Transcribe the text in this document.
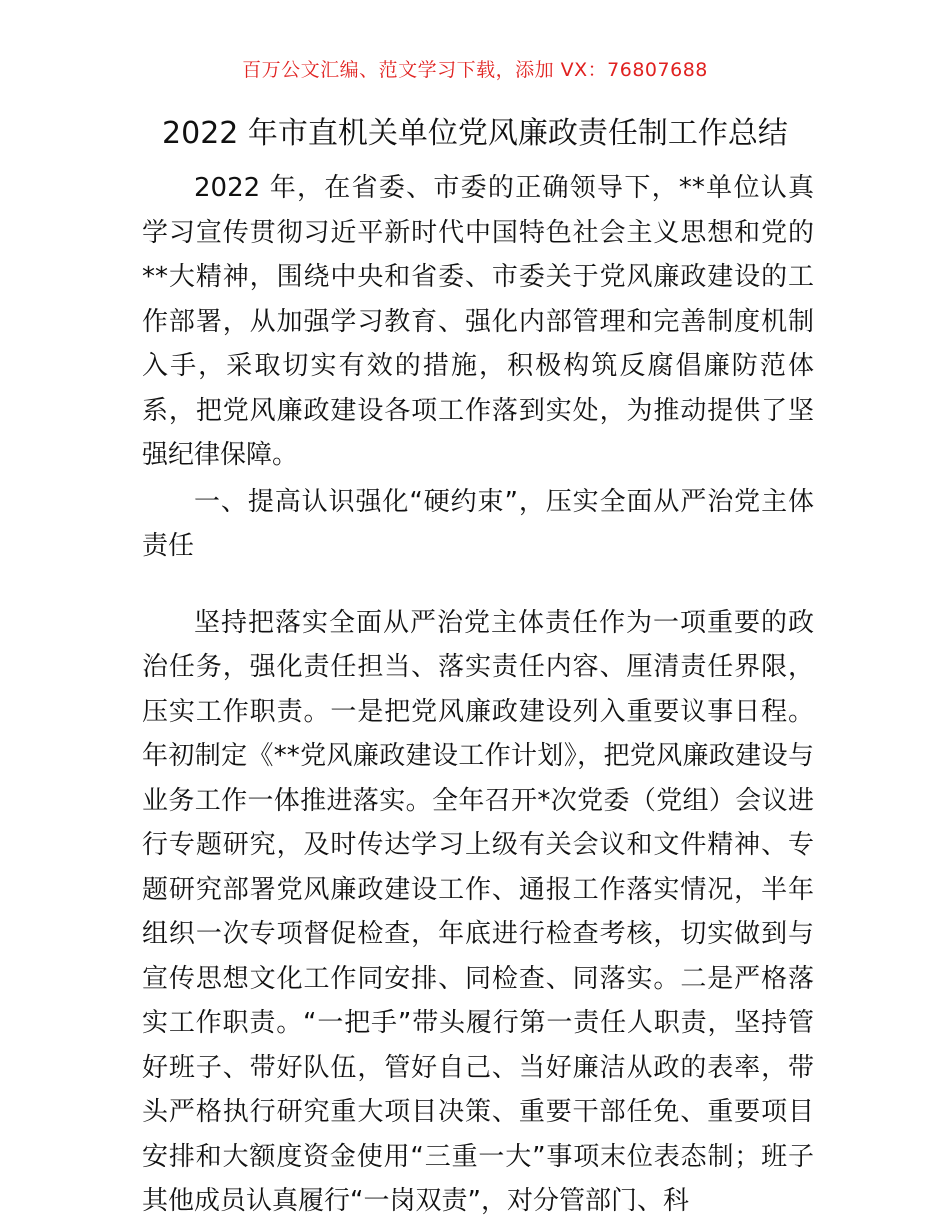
百万公文汇编、范文学习下载，添加 VX：76807688
2022 年市直机关单位党风廉政责任制工作总结

2022 年，在省委、市委的正确领导下，**单位认真学习宣传贯彻习近平新时代中国特色社会主义思想和党的**大精神，围绕中央和省委、市委关于党风廉政建设的工作部署，从加强学习教育、强化内部管理和完善制度机制入手，采取切实有效的措施，积极构筑反腐倡廉防范体系，把党风廉政建设各项工作落到实处，为推动提供了坚强纪律保障。

一、提高认识强化“硬约束”，压实全面从严治党主体责任

坚持把落实全面从严治党主体责任作为一项重要的政治任务，强化责任担当、落实责任内容、厘清责任界限，压实工作职责。一是把党风廉政建设列入重要议事日程。年初制定《**党风廉政建设工作计划》，把党风廉政建设与业务工作一体推进落实。全年召开*次党委（党组）会议进行专题研究，及时传达学习上级有关会议和文件精神、专题研究部署党风廉政建设工作、通报工作落实情况，半年组织一次专项督促检查，年底进行检查考核，切实做到与宣传思想文化工作同安排、同检查、同落实。二是严格落实工作职责。“一把手”带头履行第一责任人职责，坚持管好班子、带好队伍，管好自己、当好廉洁从政的表率，带头严格执行研究重大项目决策、重要干部任免、重要项目安排和大额度资金使用“三重一大”事项末位表态制；班子其他成员认真履行“一岗双责”，对分管部门、科
